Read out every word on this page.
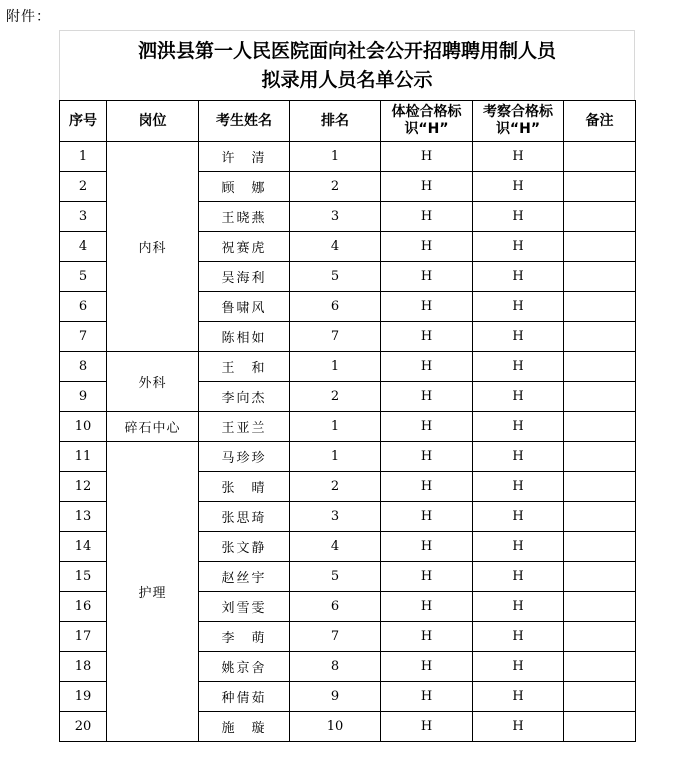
附件：
泗洪县第一人民医院面向社会公开招聘聘用制人员
拟录用人员名单公示
序号	岗位	考生姓名	排名	体检合格标识“H”	考察合格标识“H”	备注
1	内科	许　清	1	H	H	
2		顾　娜	2	H	H	
3		王晓燕	3	H	H	
4		祝赛虎	4	H	H	
5		吴海利	5	H	H	
6		鲁啸风	6	H	H	
7		陈相如	7	H	H	
8	外科	王　和	1	H	H	
9		李向杰	2	H	H	
10	碎石中心	王亚兰	1	H	H	
11	护理	马珍珍	1	H	H	
12		张　晴	2	H	H	
13		张思琦	3	H	H	
14		张文静	4	H	H	
15		赵丝宇	5	H	H	
16		刘雪雯	6	H	H	
17		李　萌	7	H	H	
18		姚京舍	8	H	H	
19		种倩茹	9	H	H	
20		施　璇	10	H	H	
